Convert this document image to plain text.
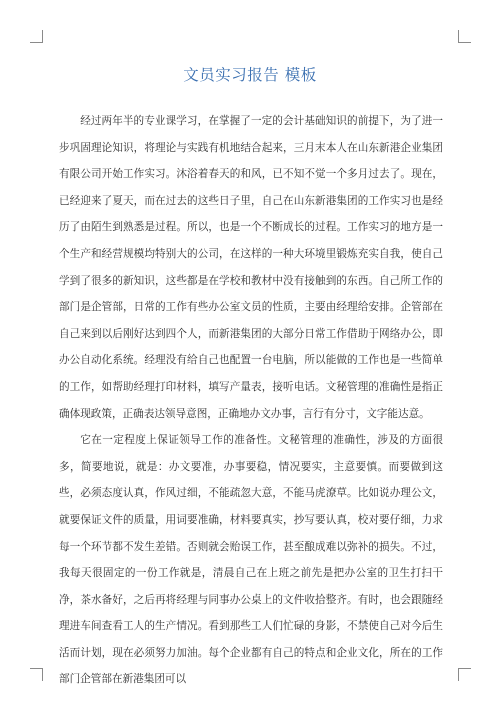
文员实习报告 模板

经过两年半的专业课学习，在掌握了一定的会计基础知识的前提下，为了进一步巩固理论知识，将理论与实践有机地结合起来，三月末本人在山东新港企业集团有限公司开始工作实习。沐浴着春天的和风，已不知不觉一个多月过去了。现在，已经迎来了夏天，而在过去的这些日子里，自己在山东新港集团的工作实习也是经历了由陌生到熟悉是过程。所以，也是一个不断成长的过程。工作实习的地方是一个生产和经营规模均特别大的公司，在这样的一种大环境里锻炼充实自我，使自己学到了很多的新知识，这些都是在学校和教材中没有接触到的东西。自己所工作的部门是企管部，日常的工作有些办公室文员的性质，主要由经理给安排。企管部在自己来到以后刚好达到四个人，而新港集团的大部分日常工作借助于网络办公，即办公自动化系统。经理没有给自己也配置一台电脑，所以能做的工作也是一些简单的工作，如帮助经理打印材料，填写产量表，接听电话。文秘管理的准确性是指正确体现政策，正确表达领导意图，正确地办文办事，言行有分寸，文字能达意。

它在一定程度上保证领导工作的准备性。文秘管理的准确性，涉及的方面很多，简要地说，就是：办文要准，办事要稳，情况要实，主意要慎。而要做到这些，必须态度认真，作风过细，不能疏忽大意，不能马虎潦草。比如说办理公文，就要保证文件的质量，用词要准确，材料要真实，抄写要认真，校对要仔细，力求每一个环节都不发生差错。否则就会贻误工作，甚至酿成难以弥补的损失。不过，我每天很固定的一份工作就是，清晨自己在上班之前先是把办公室的卫生打扫干净，茶水备好，之后再将经理与同事办公桌上的文件收拾整齐。有时，也会跟随经理进车间查看工人的生产情况。看到那些工人们忙碌的身影，不禁使自己对今后生活而计划，现在必须努力加油。每个企业都有自己的特点和企业文化，所在的工作部门企管部在新港集团可以
